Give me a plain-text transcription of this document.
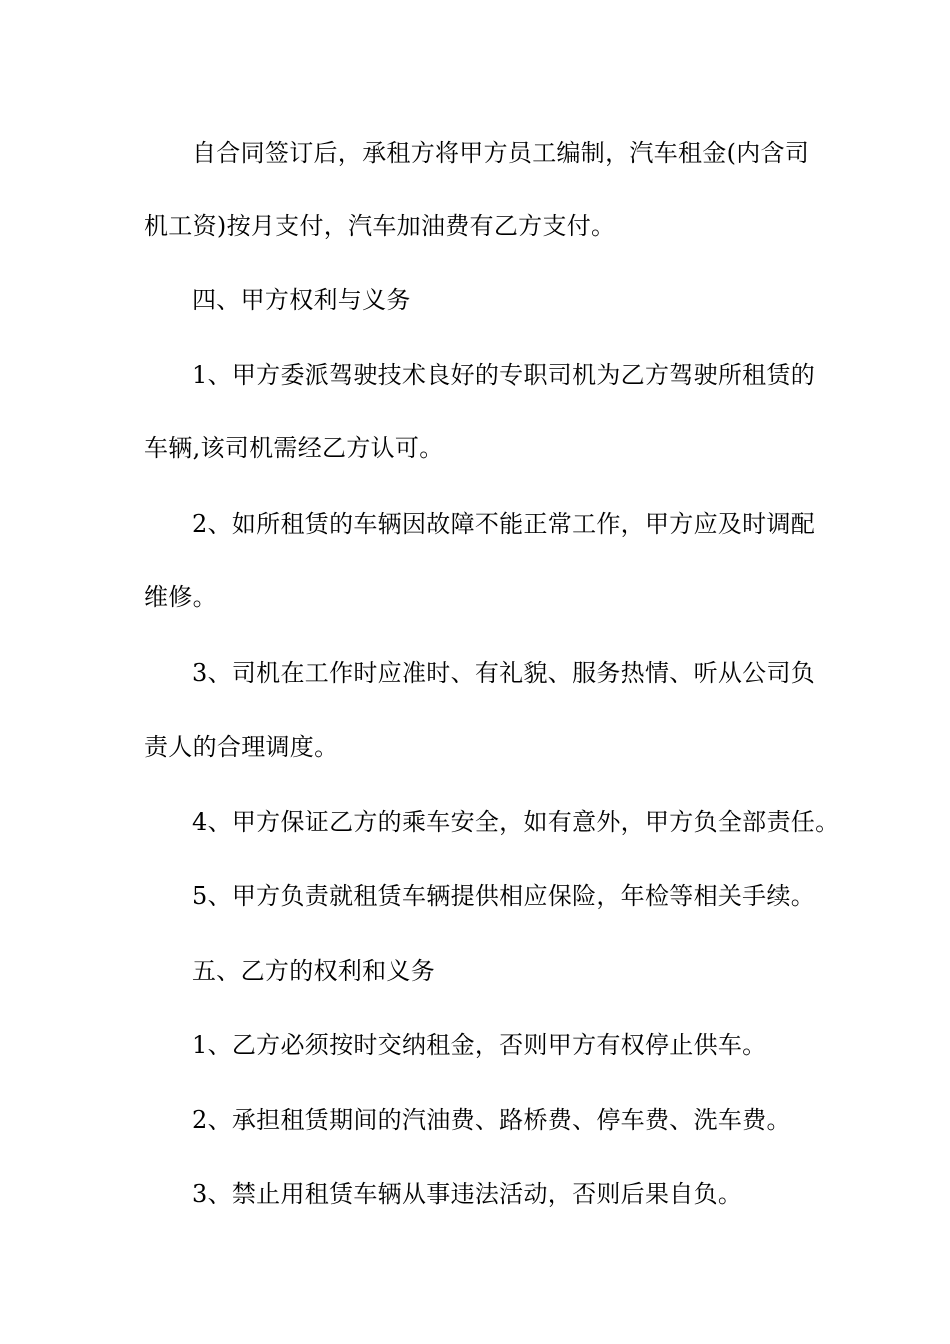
自合同签订后，承租方将甲方员工编制，汽车租金(内含司
机工资)按月支付，汽车加油费有乙方支付。
四、甲方权利与义务
1、甲方委派驾驶技术良好的专职司机为乙方驾驶所租赁的
车辆,该司机需经乙方认可。
2、如所租赁的车辆因故障不能正常工作，甲方应及时调配
维修。
3、司机在工作时应准时、有礼貌、服务热情、听从公司负
责人的合理调度。
4、甲方保证乙方的乘车安全，如有意外，甲方负全部责任。
5、甲方负责就租赁车辆提供相应保险，年检等相关手续。
五、乙方的权利和义务
1、乙方必须按时交纳租金，否则甲方有权停止供车。
2、承担租赁期间的汽油费、路桥费、停车费、洗车费。
3、禁止用租赁车辆从事违法活动，否则后果自负。
